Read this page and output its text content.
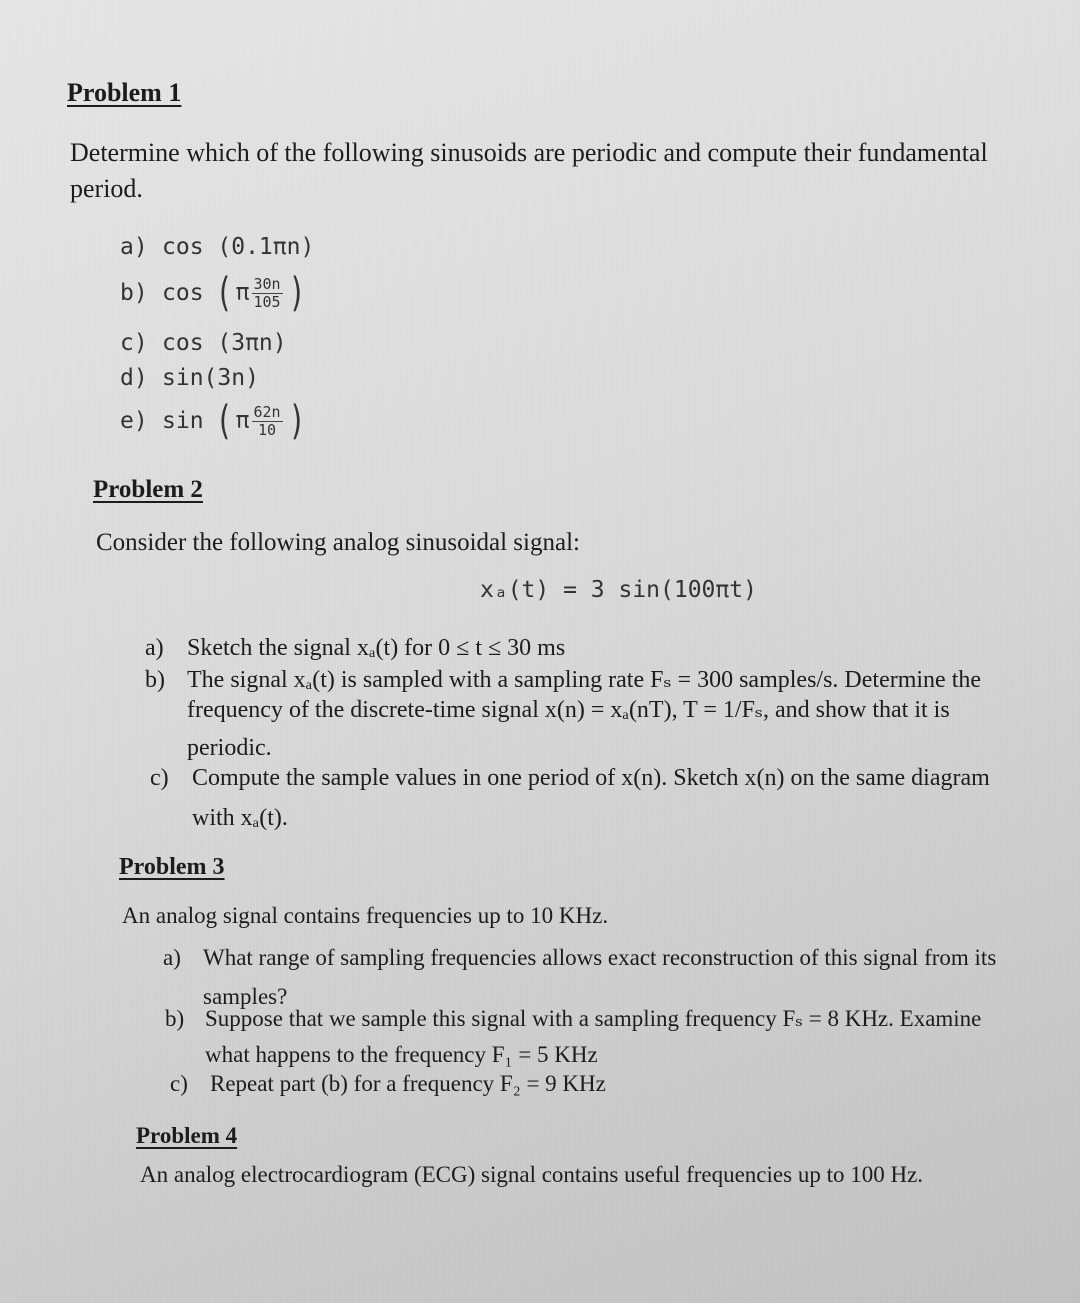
Problem 1
Determine which of the following sinusoids are periodic and compute their fundamental
period.
a) cos (0.1πn)
b) cos ( π $\frac{30n}{105}$ )
c) cos (3πn)
d) sin(3n)
e) sin ( π $\frac{62n}{10}$ )
Problem 2
Consider the following analog sinusoidal signal:
xₐ(t) = 3 sin(100πt)
a) Sketch the signal xₐ(t) for 0 ≤ t ≤ 30 ms
b) The signal xₐ(t) is sampled with a sampling rate Fₛ = 300 samples/s. Determine the
frequency of the discrete-time signal x(n) = xₐ(nT), T = 1/Fₛ, and show that it is
periodic.
c) Compute the sample values in one period of x(n). Sketch x(n) on the same diagram
with xₐ(t).
Problem 3
An analog signal contains frequencies up to 10 KHz.
a) What range of sampling frequencies allows exact reconstruction of this signal from its
samples?
b) Suppose that we sample this signal with a sampling frequency Fₛ = 8 KHz. Examine
what happens to the frequency F₁ = 5 KHz
c) Repeat part (b) for a frequency F₂ = 9 KHz
Problem 4
An analog electrocardiogram (ECG) signal contains useful frequencies up to 100 Hz.
